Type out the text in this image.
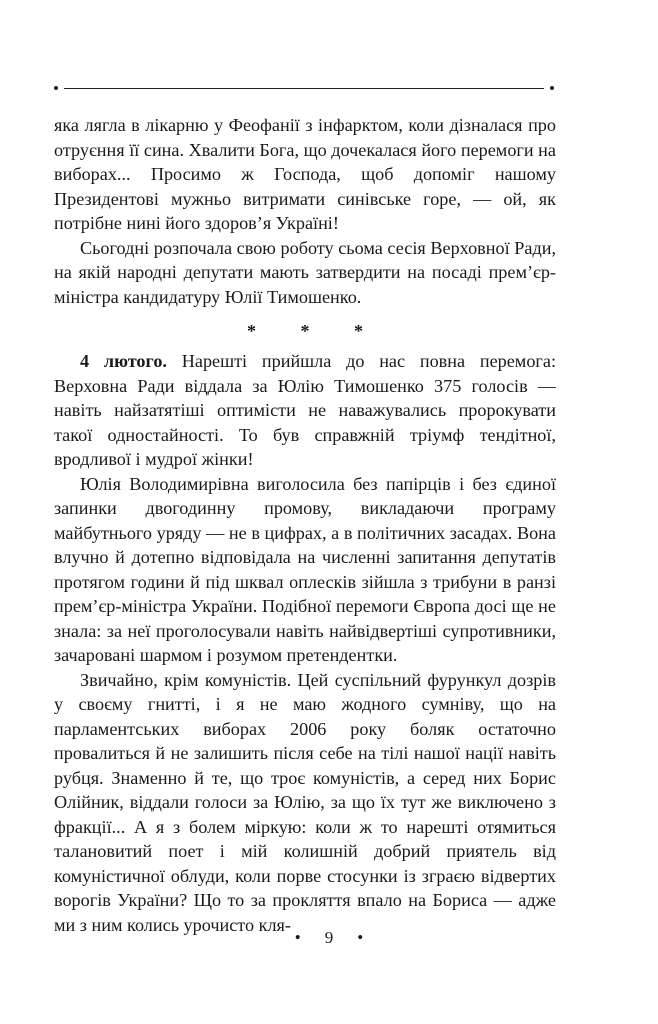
яка лягла в лікарню у Феофанії з інфарктом, коли дізналася про отруєння її сина. Хвалити Бога, що дочекалася його перемоги на виборах... Просимо ж Господа, щоб допоміг нашому Президентові мужньо витримати синівське горе, — ой, як потрібне нині його здоров’я Україні!

Сьогодні розпочала свою роботу сьома сесія Верховної Ради, на якій народні депутати мають затвердити на посаді прем’єр-міністра кандидатуру Юлії Тимошенко.

* * *

4 лютого. Нарешті прийшла до нас повна перемога: Верховна Ради віддала за Юлію Тимошенко 375 голосів — навіть найзатятіші оптимісти не наважувались пророкувати такої одностайності. То був справжній тріумф тендітної, вродливої і мудрої жінки!

Юлія Володимирівна виголосила без папірців і без єдиної запинки двогодинну промову, викладаючи програму майбутнього уряду — не в цифрах, а в політичних засадах. Вона влучно й дотепно відповідала на численні запитання депутатів протягом години й під шквал оплесків зійшла з трибуни в ранзі прем’єр-міністра України. Подібної перемоги Європа досі ще не знала: за неї проголосували навіть найвідвертіші супротивники, зачаровані шармом і розумом претендентки.

Звичайно, крім комуністів. Цей суспільний фурункул дозрів у своєму гнитті, і я не маю жодного сумніву, що на парламентських виборах 2006 року боляк остаточно провалиться й не залишить після себе на тілі нашої нації навіть рубця. Знаменно й те, що троє комуністів, а серед них Борис Олійник, віддали голоси за Юлію, за що їх тут же виключено з фракції... А я з болем міркую: коли ж то нарешті отямиться талановитий поет і мій колишній добрий приятель від комуністичної облуди, коли порве стосунки із зграєю відвертих ворогів України? Що то за прокляття впало на Бориса — адже ми з ним колись урочисто кля-

• 9 •
